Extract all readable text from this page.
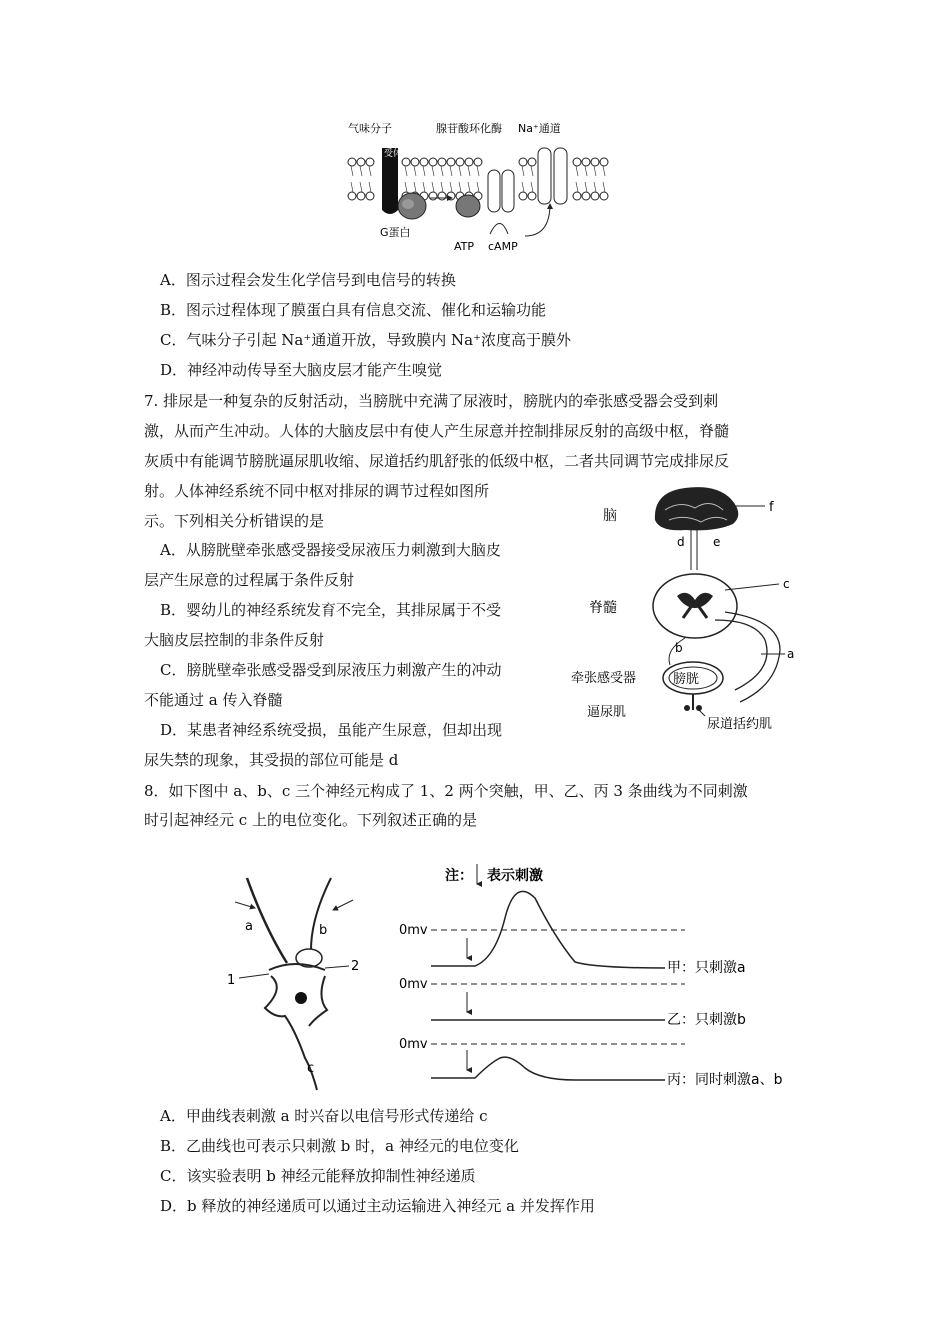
受体
气味分子	腺苷酸环化酶 Na⁺通道
G蛋白
ATP cAMP
A．图示过程会发生化学信号到电信号的转换
B．图示过程体现了膜蛋白具有信息交流、催化和运输功能
C．气味分子引起 Na⁺通道开放，导致膜内 Na⁺浓度高于膜外
D．神经冲动传导至大脑皮层才能产生嗅觉
7. 排尿是一种复杂的反射活动，当膀胱中充满了尿液时，膀胱内的牵张感受器会受到刺
激，从而产生冲动。人体的大脑皮层中有使人产生尿意并控制排尿反射的高级中枢，脊髓
灰质中有能调节膀胱逼尿肌收缩、尿道括约肌舒张的低级中枢，二者共同调节完成排尿反
射。人体神经系统不同中枢对排尿的调节过程如图所
示。下列相关分析错误的是
A．从膀胱壁牵张感受器接受尿液压力刺激到大脑皮
层产生尿意的过程属于条件反射
B．婴幼儿的神经系统发育不完全，其排尿属于不受
大脑皮层控制的非条件反射
C．膀胱壁牵张感受器受到尿液压力刺激产生的冲动
不能通过 a 传入脊髓
D．某患者神经系统受损，虽能产生尿意，但却出现
尿失禁的现象，其受损的部位可能是 d
f
脑
d e
脊髓
c
a
b
膀胱
牵张感受器
逼尿肌
尿道括约肌
8．如下图中 a、b、c 三个神经元构成了 1、2 两个突触，甲、乙、丙 3 条曲线为不同刺激
时引起神经元 c 上的电位变化。下列叙述正确的是
a	b
1
2
c
注： 表示刺激
0mv
甲：只刺激a
0mv
乙：只刺激b
0mv
丙：同时刺激a、b
A．甲曲线表刺激 a 时兴奋以电信号形式传递给 c
B．乙曲线也可表示只刺激 b 时，a 神经元的电位变化
C．该实验表明 b 神经元能释放抑制性神经递质
D．b 释放的神经递质可以通过主动运输进入神经元 a 并发挥作用
